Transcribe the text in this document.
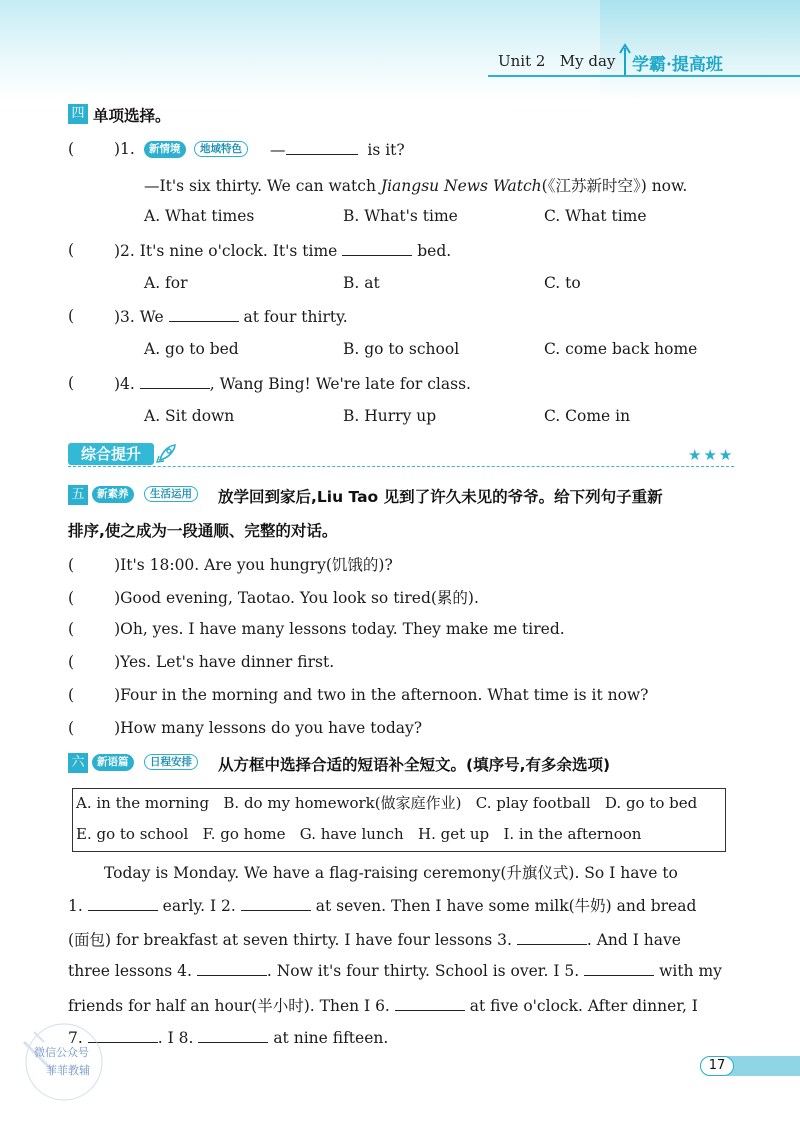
Unit 2 My day 学霸·提高班
四 单项选择。
(	)1.	新情境	地域特色	—	is it?
—It's six thirty. We can watch Jiangsu News Watch(《江苏新时空》) now.
A. What times	B. What's time	C. What time
(	)2. It's nine o'clock. It's time	bed.
A. for	B. at	C. to
(	)3. We	at four thirty.
A. go to bed	B. go to school	C. come back home
(	)4.	, Wang Bing! We're late for class.
A. Sit down	B. Hurry up	C. Come in
综合提升	★★★
五	新素养	生活运用	放学回到家后,Liu Tao 见到了许久未见的爷爷。给下列句子重新
排序,使之成为一段通顺、完整的对话。
(	)It's 18:00. Are you hungry(饥饿的)?
(	)Good evening, Taotao. You look so tired(累的).
(	)Oh, yes. I have many lessons today. They make me tired.
(	)Yes. Let's have dinner first.
(	)Four in the morning and two in the afternoon. What time is it now?
(	)How many lessons do you have today?
六	新语篇	日程安排	从方框中选择合适的短语补全短文。(填序号,有多余选项)
A. in the morning B. do my homework(做家庭作业) C. play football D. go to bed
E. go to school F. go home G. have lunch H. get up I. in the afternoon
Today is Monday. We have a flag-raising ceremony(升旗仪式). So I have to
1.	early. I 2.	at seven. Then I have some milk(牛奶) and bread
(面包) for breakfast at seven thirty. I have four lessons 3.	. And I have
three lessons 4.	. Now it's four thirty. School is over. I 5.	with my
friends for half an hour(半小时). Then I 6.	at five o'clock. After dinner, I
7.	. I 8.	at nine fifteen.
微信公众号
菲菲教辅	17
